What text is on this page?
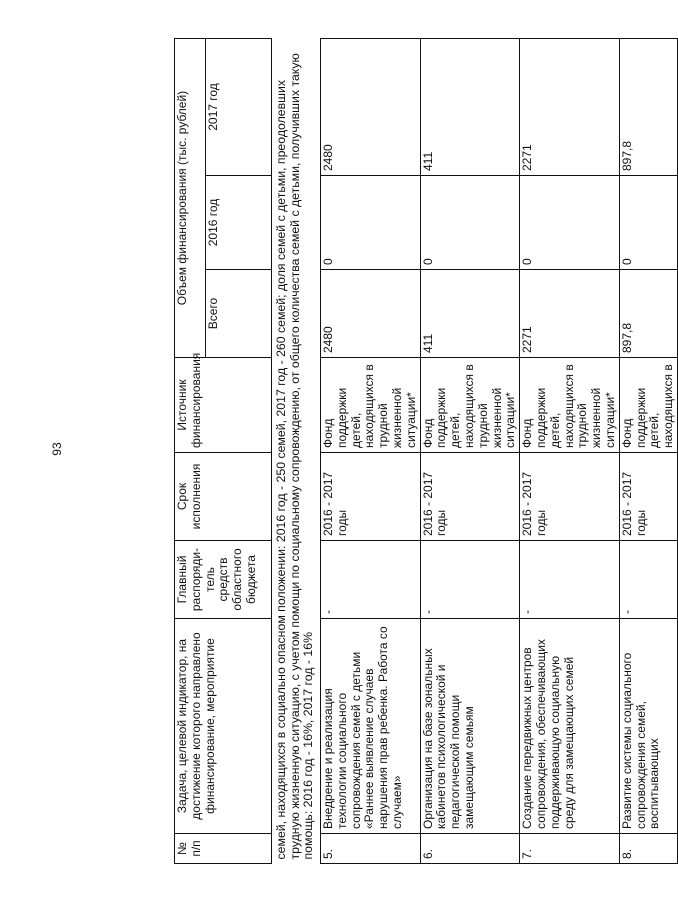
93
№ п/п	Задача, целевой индикатор, на достижение которого направлено финансирование, мероприятие	Главный распоряди-тель средств областного бюджета	Срок исполнения	Источник финансирования	Объем финансирования (тыс. рублей)		
					Всего	2016 год	2017 год
семей, находящихся в социально опасном положении: 2016 год - 250 семей, 2017 год - 260 семей; доля семей с детьми, преодолевших трудную жизненную ситуацию, с учетом помощи по социальному сопровождению, от общего количества семей с детьми, получивших такую помощь: 2016 год - 16%, 2017 год - 16%							
5.	Внедрение и реализация технологии социального сопровождения семей с детьми «Раннее выявление случаев нарушения прав ребенка. Работа со случаем»	-	2016 - 2017 годы	Фонд поддержки детей, находящихся в трудной жизненной ситуации*	2480	0	2480
6.	Организация на базе зональных кабинетов психологической и педагогической помощи замещающим семьям	-	2016 - 2017 годы	Фонд поддержки детей, находящихся в трудной жизненной ситуации*	411	0	411
7.	Создание передвижных центров сопровождения, обеспечивающих поддерживающую социальную среду для замещающих семей	-	2016 - 2017 годы	Фонд поддержки детей, находящихся в трудной жизненной ситуации*	2271	0	2271
8.	Развитие системы социального сопровождения семей, воспитывающих	-	2016 - 2017 годы	Фонд поддержки детей, находящихся в	897,8	0	897,8
